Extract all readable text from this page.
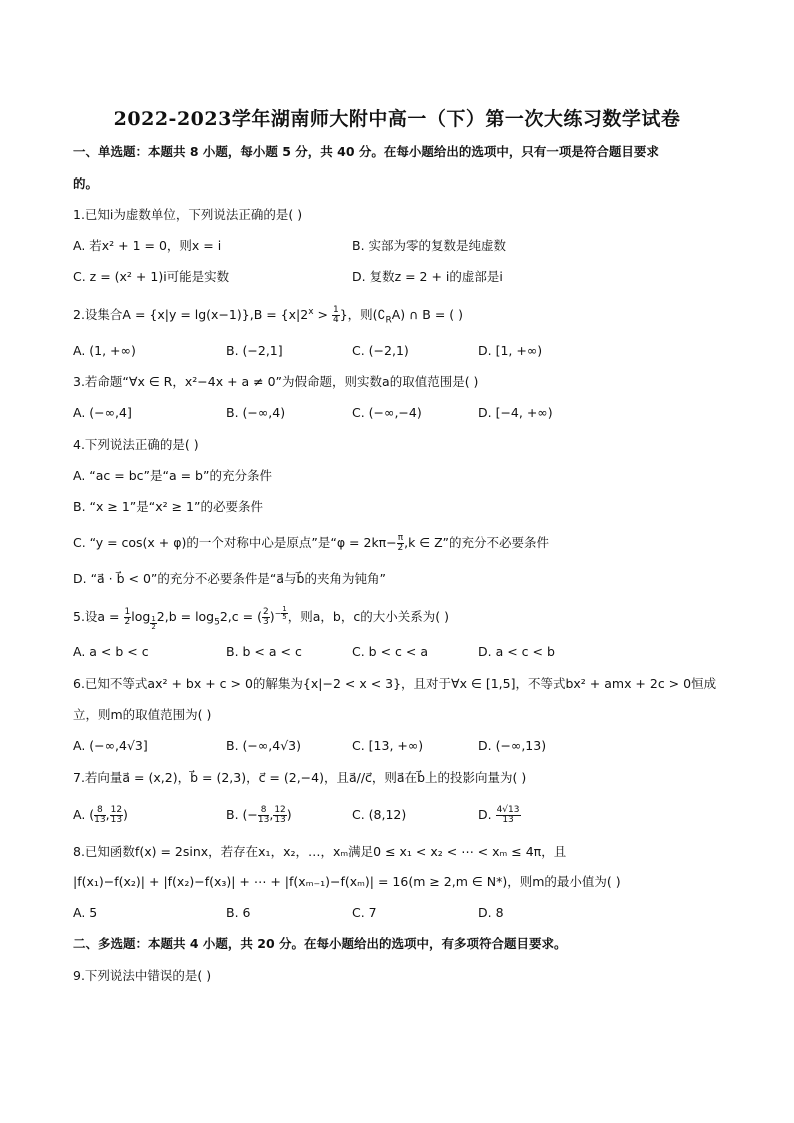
2022-2023学年湖南师大附中高一（下）第一次大练习数学试卷
一、单选题：本题共 8 小题，每小题 5 分，共 40 分。在每小题给出的选项中，只有一项是符合题目要求
的。
1.已知i为虚数单位，下列说法正确的是( )
A. 若x² + 1 = 0，则x = i	B. 实部为零的复数是纯虚数
C. z = (x² + 1)i可能是实数	D. 复数z = 2 + i的虚部是i
2.设集合$A = \{x|y = \lg(x-1)\},B = \{x|2^x > \frac{1}{4}$ }，则$(∁_RA)$ ∩ B = ( )
A. (1, +∞)	B. (−2,1]	C. (−2,1)	D. [1, +∞)
3.若命题“∀x ∈ R，x²−4x + a ≠ 0”为假命题，则实数a的取值范围是( )
A. (−∞,4]	B. (−∞,4)	C. (−∞,−4)	D. [−4, +∞)
4.下列说法正确的是( )
A. “ac = bc”是“a = b”的充分条件
B. “x ≥ 1”是“x² ≥ 1”的必要条件
C. “y = cos(x + φ)的一个对称中心是原点”是“$\varphi = 2k\pi- \frac{\pi}{2} ,k$ ∈ Z”的充分不必要条件
D. “a⃗ · b⃗ < 0”的充分不必要条件是“a⃗与b⃗的夹角为钝角”
5.设$a = \frac{1}{2}$ $\log \frac{1}{2} 2,b = \log_52,c$ = ( $\frac{2}{3} )^{- \frac{1}{5}}$ ，则a，b，c的大小关系为( )
A. a < b < c	B. b < a < c	C. b < c < a	D. a < c < b
6.已知不等式ax² + bx + c > 0的解集为{x|−2 < x < 3}，且对于∀x ∈ [1,5]，不等式bx² + amx + 2c > 0恒成
立，则m的取值范围为( )
A. (−∞,4√3]	B. (−∞,4√3)	C. [13, +∞)	D. (−∞,13)
7.若向量a⃗ = (x,2)，b⃗ = (2,3)，c⃗ = (2,−4)，且a⃗//c⃗，则a⃗在b⃗上的投影向量为( )
A. ( $\frac{8}{13}$ , $\frac{12}{13}$ )	B. (− $\frac{8}{13}$ , $\frac{12}{13}$ )	C. (8,12)	D. $\frac{4√13}{13}$
8.已知函数f(x) = 2sinx，若存在x₁，x₂，…，xₘ满足0 ≤ x₁ < x₂ < ⋯ < xₘ ≤ 4π，且
|f(x₁)−f(x₂)| + |f(x₂)−f(x₃)| + ⋯ + |f(xₘ₋₁)−f(xₘ)| = 16(m ≥ 2,m ∈ N*)，则m的最小值为( )
A. 5	B. 6	C. 7	D. 8
二、多选题：本题共 4 小题，共 20 分。在每小题给出的选项中，有多项符合题目要求。
9.下列说法中错误的是( )
